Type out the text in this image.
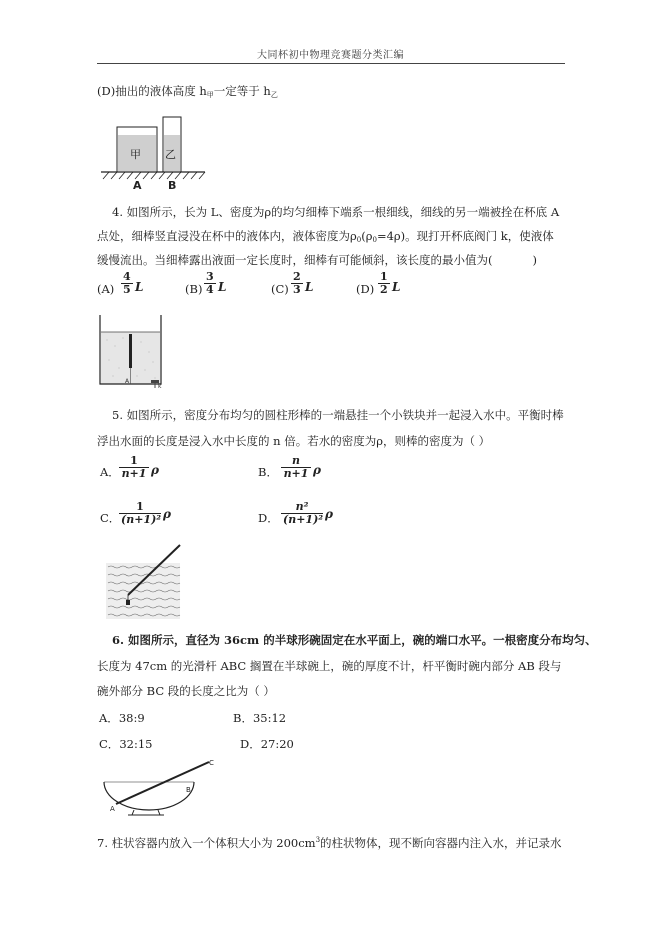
大同杯初中物理竞赛题分类汇编
(D)抽出的液体高度 $h_甲$一定等于 $h_乙$
甲 乙
A B
4. 如图所示，长为 L、密度为ρ的均匀细棒下端系一根细线，细线的另一端被拴在杯底 A
点处，细棒竖直浸没在杯中的液体内，液体密度为$\rho_0(\rho_0=4\rho)$。现打开杯底阀门 k，使液体
缓慢流出。当细棒露出液面一定长度时，细棒有可能倾斜，该长度的最小值为(	)
$(A) \frac{4}{5}$ L	$(B) \frac{3}{4}$ L	$(C) \frac{2}{3}$ L	$(D) \frac{1}{2}$ L
A
k
5. 如图所示，密度分布均匀的圆柱形棒的一端悬挂一个小铁块并一起浸入水中。平衡时棒
浮出水面的长度是浸入水中长度的 n 倍。若水的密度为ρ，则棒的密度为（ ）
A． $\frac{1}{n+1}$ ρ	B． $\frac{n}{n+1}$ ρ
C．
$\frac{1}{\text{(n+1)²}}$ ρ	D． $\frac{\text{n²}}{\text{(n+1)²}}$ ρ
6. 如图所示，直径为 36cm 的半球形碗固定在水平面上，碗的端口水平。一根密度分布均匀、
长度为 47cm 的光滑杆 ABC 搁置在半球碗上，碗的厚度不计，杆平衡时碗内部分 AB 段与
碗外部分 BC 段的长度之比为（ ）
A．38:9	B．35:12
C．32:15	D．27:20
A
B
C
7. 柱状容器内放入一个体积大小为 $200cm^3$的柱状物体，现不断向容器内注入水，并记录水
